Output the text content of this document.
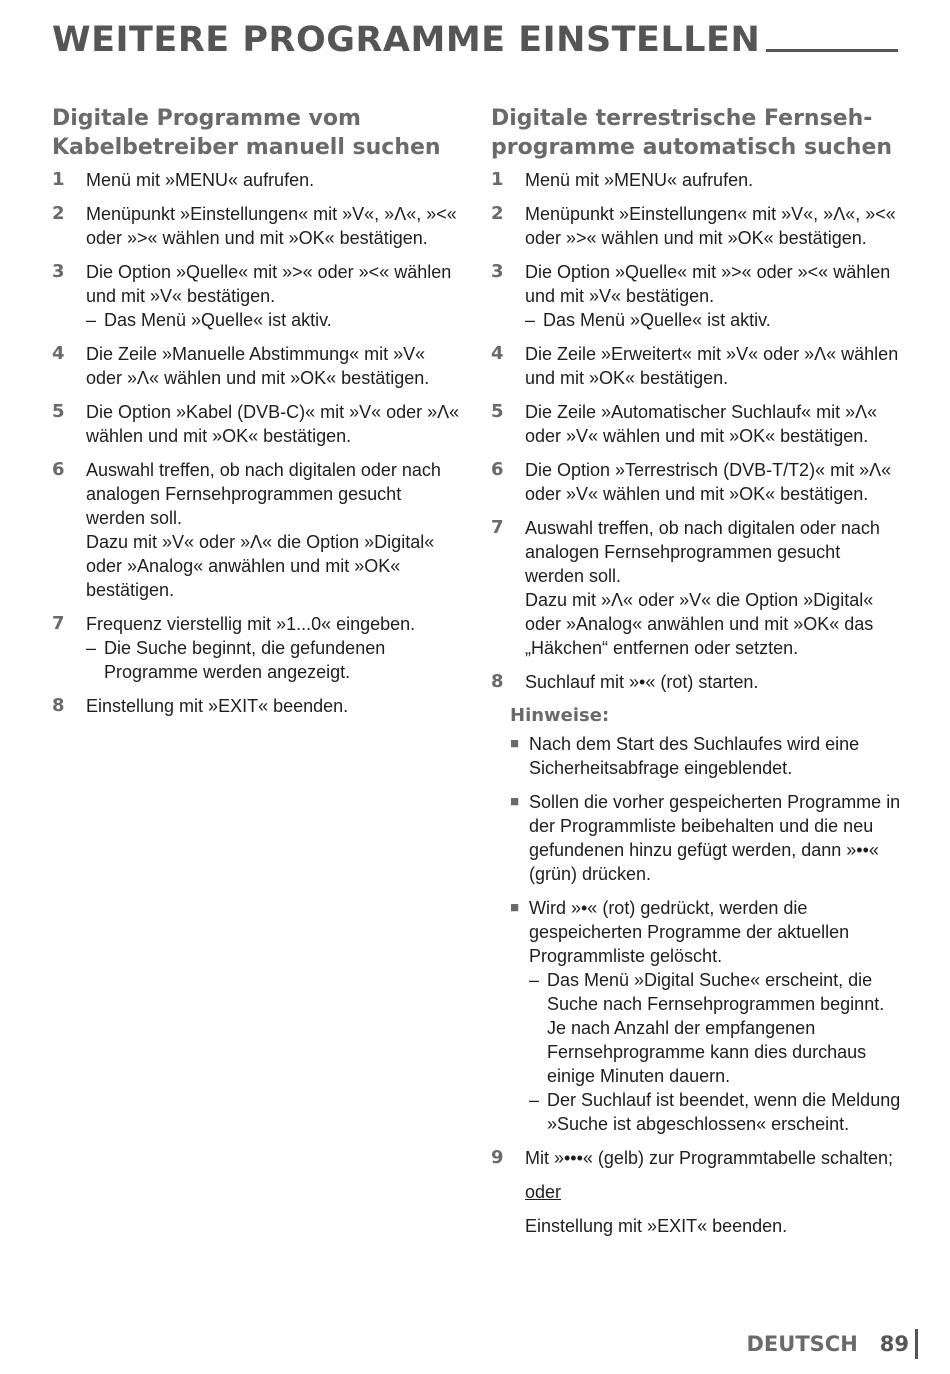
WEITERE PROGRAMME EINSTELLEN
Digitale Programme vom
Kabelbetreiber manuell suchen
1	Menü mit »MENU« aufrufen.
2	Menüpunkt »Einstellungen« mit »V«, »Λ«, »<« oder »>« wählen und mit »OK« bestätigen.
3	Die Option »Quelle« mit »>« oder »<« wählen und mit »V« bestätigen.
– Das Menü »Quelle« ist aktiv.
4	Die Zeile »Manuelle Abstimmung« mit »V« oder »Λ« wählen und mit »OK« bestätigen.
5	Die Option »Kabel (DVB-C)« mit »V« oder »Λ« wählen und mit »OK« bestätigen.
6	Auswahl treffen, ob nach digitalen oder nach analogen Fernsehprogrammen gesucht werden soll.
Dazu mit »V« oder »Λ« die Option »Digital« oder »Analog« anwählen und mit »OK« bestätigen.
7	Frequenz vierstellig mit »1...0« eingeben.
– Die Suche beginnt, die gefundenen Programme werden angezeigt.
8	Einstellung mit »EXIT« beenden.
Digitale terrestrische Fernseh-
programme automatisch suchen
1	Menü mit »MENU« aufrufen.
2	Menüpunkt »Einstellungen« mit »V«, »Λ«, »<« oder »>« wählen und mit »OK« bestätigen.
3	Die Option »Quelle« mit »>« oder »<« wählen und mit »V« bestätigen.
– Das Menü »Quelle« ist aktiv.
4	Die Zeile »Erweitert« mit »V« oder »Λ« wählen und mit »OK« bestätigen.
5	Die Zeile »Automatischer Suchlauf« mit »Λ« oder »V« wählen und mit »OK« bestätigen.
6	Die Option »Terrestrisch (DVB-T/T2)« mit »Λ« oder »V« wählen und mit »OK« bestätigen.
7	Auswahl treffen, ob nach digitalen oder nach analogen Fernsehprogrammen gesucht werden soll.
Dazu mit »Λ« oder »V« die Option »Digital« oder »Analog« anwählen und mit »OK« das „Häkchen“ entfernen oder setzten.
8	Suchlauf mit »•« (rot) starten.
Hinweise:
■ Nach dem Start des Suchlaufes wird eine Sicherheitsabfrage eingeblendet.
■ Sollen die vorher gespeicherten Programme in der Programmliste beibehalten und die neu gefundenen hinzu gefügt werden, dann »••« (grün) drücken.
■ Wird »•« (rot) gedrückt, werden die gespeicherten Programme der aktuellen Programmliste gelöscht.
– Das Menü »Digital Suche« erscheint, die Suche nach Fernsehprogrammen beginnt. Je nach Anzahl der empfangenen Fernsehprogramme kann dies durchaus einige Minuten dauern.
– Der Suchlauf ist beendet, wenn die Meldung »Suche ist abgeschlossen« erscheint.
9	Mit »•••« (gelb) zur Programmtabelle schalten;
oder
Einstellung mit »EXIT« beenden.
DEUTSCH 89
